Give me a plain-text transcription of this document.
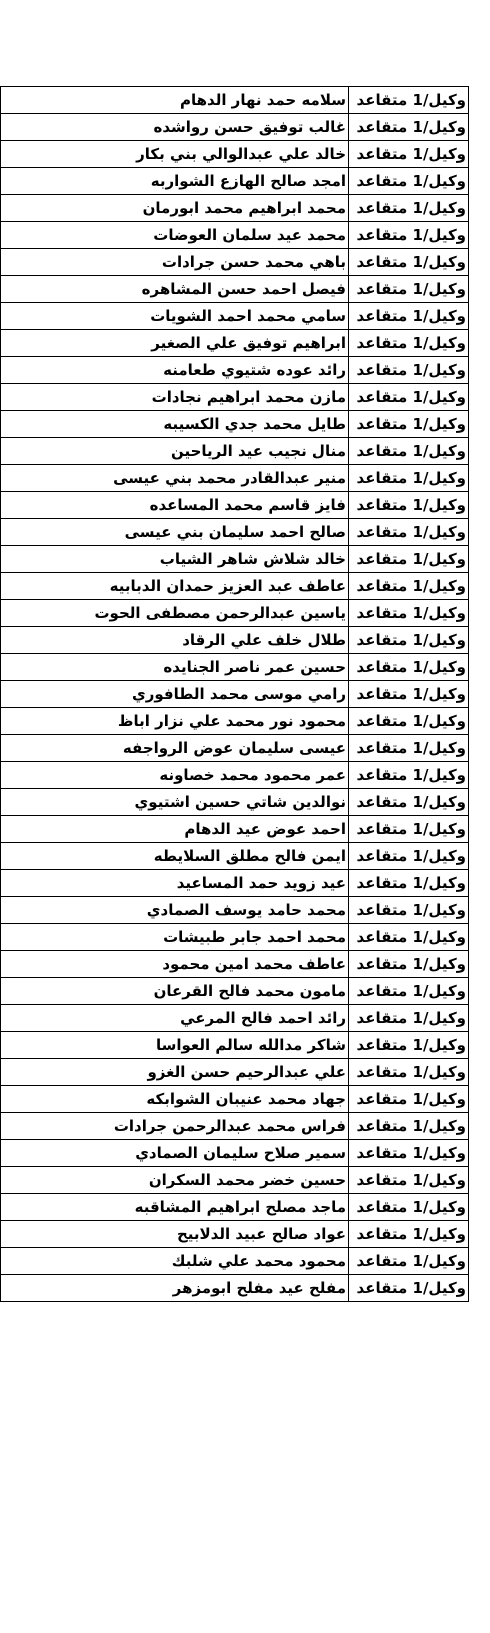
وكيل/1 متقاعد	سلامه حمد نهار الدهام
وكيل/1 متقاعد	غالب توفيق حسن رواشده
وكيل/1 متقاعد	خالد علي عبدالوالي بني بكار
وكيل/1 متقاعد	امجد صالح الهازع الشواربه
وكيل/1 متقاعد	محمد ابراهيم محمد ابورمان
وكيل/1 متقاعد	محمد عيد سلمان العوضات
وكيل/1 متقاعد	باهي محمد حسن جرادات
وكيل/1 متقاعد	فيصل احمد حسن المشاهره
وكيل/1 متقاعد	سامي محمد احمد الشويات
وكيل/1 متقاعد	ابراهيم توفيق علي الصغير
وكيل/1 متقاعد	رائد عوده شتيوي طعامنه
وكيل/1 متقاعد	مازن محمد ابراهيم نجادات
وكيل/1 متقاعد	طايل محمد جدي الكسيبه
وكيل/1 متقاعد	منال نجيب عيد الرياحين
وكيل/1 متقاعد	منير عبدالقادر محمد بني عيسى
وكيل/1 متقاعد	فايز قاسم محمد المساعده
وكيل/1 متقاعد	صالح احمد سليمان بني عيسى
وكيل/1 متقاعد	خالد شلاش شاهر الشياب
وكيل/1 متقاعد	عاطف عبد العزيز حمدان الدبابيه
وكيل/1 متقاعد	ياسين عبدالرحمن مصطفى الحوت
وكيل/1 متقاعد	طلال خلف علي الرقاد
وكيل/1 متقاعد	حسين عمر ناصر الجنايده
وكيل/1 متقاعد	رامي موسى محمد الطافوري
وكيل/1 متقاعد	محمود نور محمد علي نزار اباظ
وكيل/1 متقاعد	عيسى سليمان عوض الرواجفه
وكيل/1 متقاعد	عمر محمود محمد خصاونه
وكيل/1 متقاعد	نوالدين شاتي حسين اشتيوي
وكيل/1 متقاعد	احمد عوض عيد الدهام
وكيل/1 متقاعد	ايمن فالح مطلق السلايطه
وكيل/1 متقاعد	عيد زويد حمد المساعيد
وكيل/1 متقاعد	محمد حامد يوسف الصمادي
وكيل/1 متقاعد	محمد احمد جابر طبيشات
وكيل/1 متقاعد	عاطف محمد امين محمود
وكيل/1 متقاعد	مامون محمد فالح القرعان
وكيل/1 متقاعد	رائد احمد فالح المرعي
وكيل/1 متقاعد	شاكر مدالله سالم العواسا
وكيل/1 متقاعد	علي عبدالرحيم حسن الغزو
وكيل/1 متقاعد	جهاد محمد عنيبان الشوابكه
وكيل/1 متقاعد	فراس محمد عبدالرحمن جرادات
وكيل/1 متقاعد	سمير صلاح سليمان الصمادي
وكيل/1 متقاعد	حسين خضر محمد السكران
وكيل/1 متقاعد	ماجد مصلح ابراهيم المشاقبه
وكيل/1 متقاعد	عواد صالح عبيد الدلابيح
وكيل/1 متقاعد	محمود محمد علي شلبك
وكيل/1 متقاعد	مفلح عيد مفلح ابومزهر
